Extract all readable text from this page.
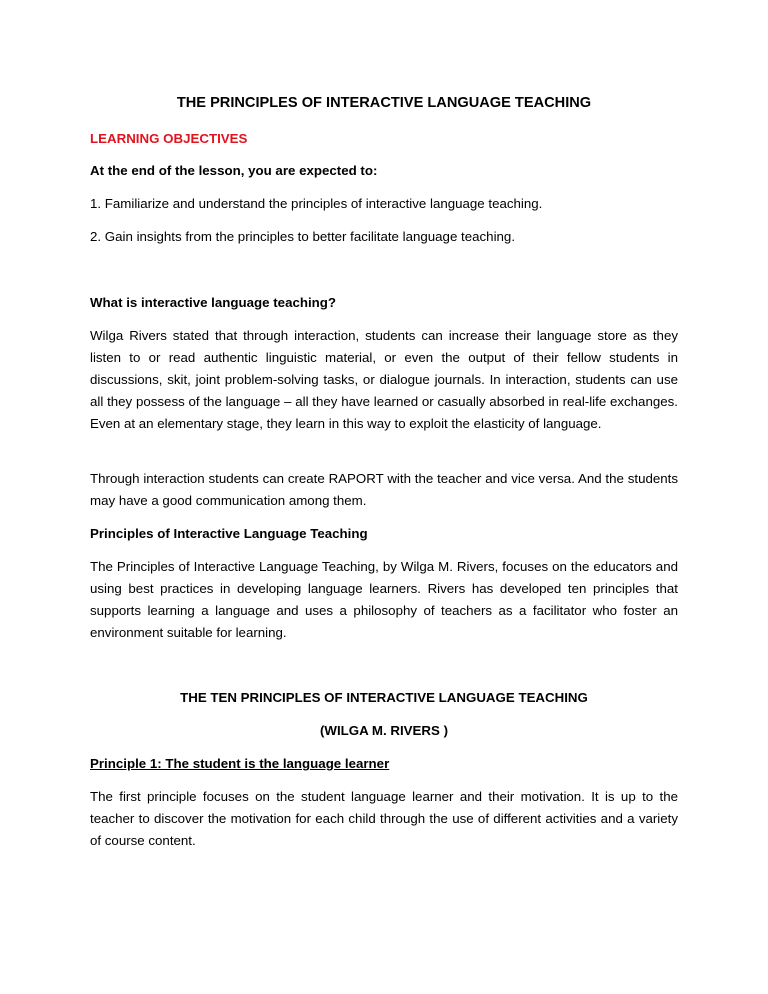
THE PRINCIPLES OF INTERACTIVE LANGUAGE TEACHING

LEARNING OBJECTIVES

At the end of the lesson, you are expected to:

1. Familiarize and understand the principles of interactive language teaching.

2. Gain insights from the principles to better facilitate language teaching.

What is interactive language teaching?

Wilga Rivers stated that through interaction, students can increase their language store as they listen to or read authentic linguistic material, or even the output of their fellow students in discussions, skit, joint problem-solving tasks, or dialogue journals. In interaction, students can use all they possess of the language – all they have learned or casually absorbed in real-life exchanges. Even at an elementary stage, they learn in this way to exploit the elasticity of language.

Through interaction students can create RAPORT with the teacher and vice versa. And the students may have a good communication among them.

Principles of Interactive Language Teaching

The Principles of Interactive Language Teaching, by Wilga M. Rivers, focuses on the educators and using best practices in developing language learners. Rivers has developed ten principles that supports learning a language and uses a philosophy of teachers as a facilitator who foster an environment suitable for learning.

THE TEN PRINCIPLES OF INTERACTIVE LANGUAGE TEACHING

(WILGA M. RIVERS )

Principle 1: The student is the language learner

The first principle focuses on the student language learner and their motivation. It is up to the teacher to discover the motivation for each child through the use of different activities and a variety of course content.
